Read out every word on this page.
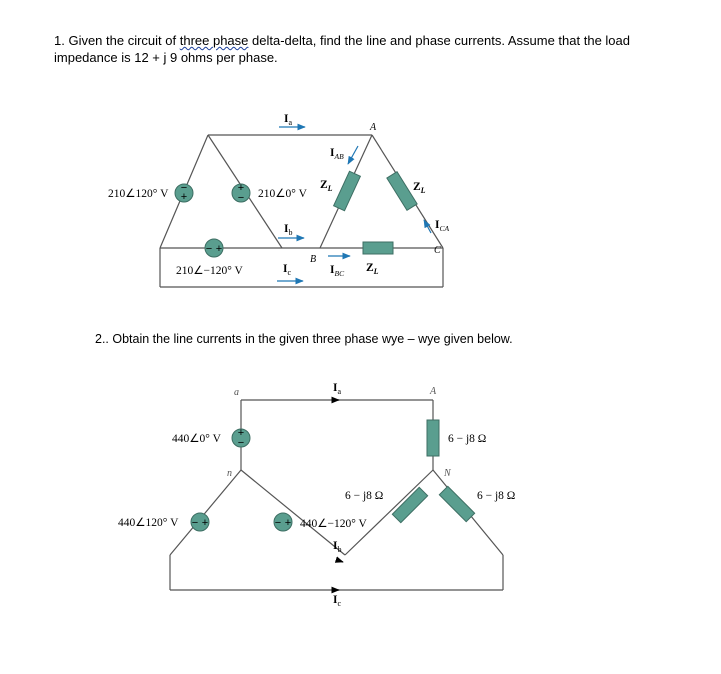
1. Given the circuit of three phase delta-delta, find the line and phase currents. Assume that the load impedance is 12 + j 9 ohms per phase.

−
+
+
−
− +
210∠120° V	210∠0° V
210∠−120° V
$I_a$
$I_b$
$I_c$
A
B
C
$I_{AB}$
$I_{BC}$
$I_{CA}$
$Z_L$	$Z_L$
$Z_L$
+
−
− +	− +
a
n
A
N
440∠0° V
440∠120° V	440∠−120° V
6 − j8 Ω
6 − j8 Ω	6 − j8 Ω
$I_a$
$I_b$
$I_c$

2.. Obtain the line currents in the given three phase wye – wye given below.
